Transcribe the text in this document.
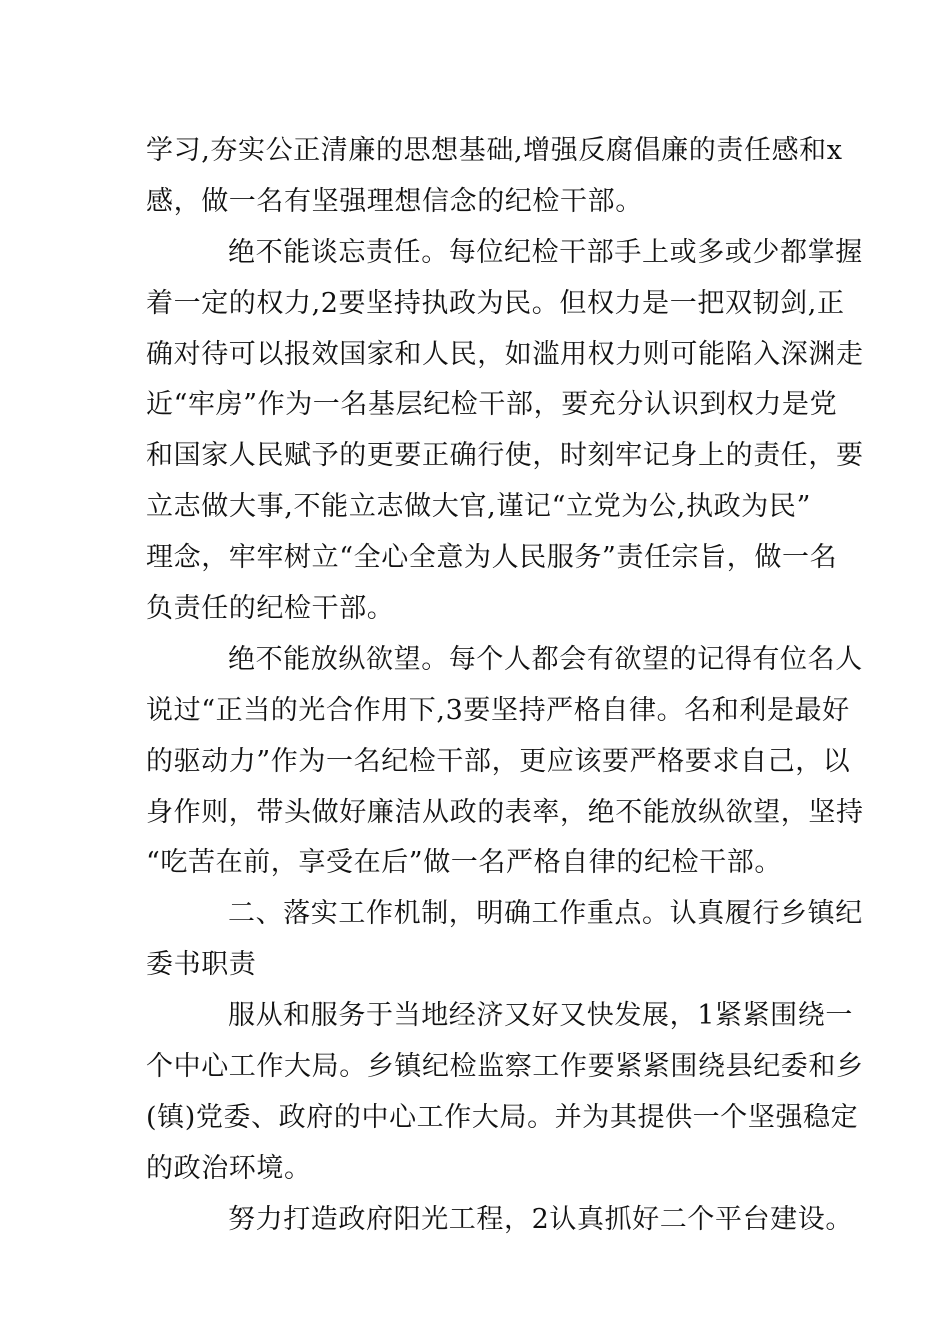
学习,夯实公正清廉的思想基础,增强反腐倡廉的责任感和x
感，做一名有坚强理想信念的纪检干部。
绝不能谈忘责任。每位纪检干部手上或多或少都掌握
着一定的权力,2要坚持执政为民。但权力是一把双韧剑,正
确对待可以报效国家和人民，如滥用权力则可能陷入深渊走
近“牢房”作为一名基层纪检干部，要充分认识到权力是党
和国家人民赋予的更要正确行使，时刻牢记身上的责任，要
立志做大事,不能立志做大官,谨记“立党为公,执政为民”
理念，牢牢树立“全心全意为人民服务”责任宗旨，做一名
负责任的纪检干部。
绝不能放纵欲望。每个人都会有欲望的记得有位名人
说过“正当的光合作用下,3要坚持严格自律。名和利是最好
的驱动力”作为一名纪检干部，更应该要严格要求自己，以
身作则，带头做好廉洁从政的表率，绝不能放纵欲望，坚持
“吃苦在前，享受在后”做一名严格自律的纪检干部。
二、落实工作机制，明确工作重点。认真履行乡镇纪
委书职责
服从和服务于当地经济又好又快发展，1紧紧围绕一
个中心工作大局。乡镇纪检监察工作要紧紧围绕县纪委和乡
(镇)党委、政府的中心工作大局。并为其提供一个坚强稳定
的政治环境。
努力打造政府阳光工程，2认真抓好二个平台建设。
